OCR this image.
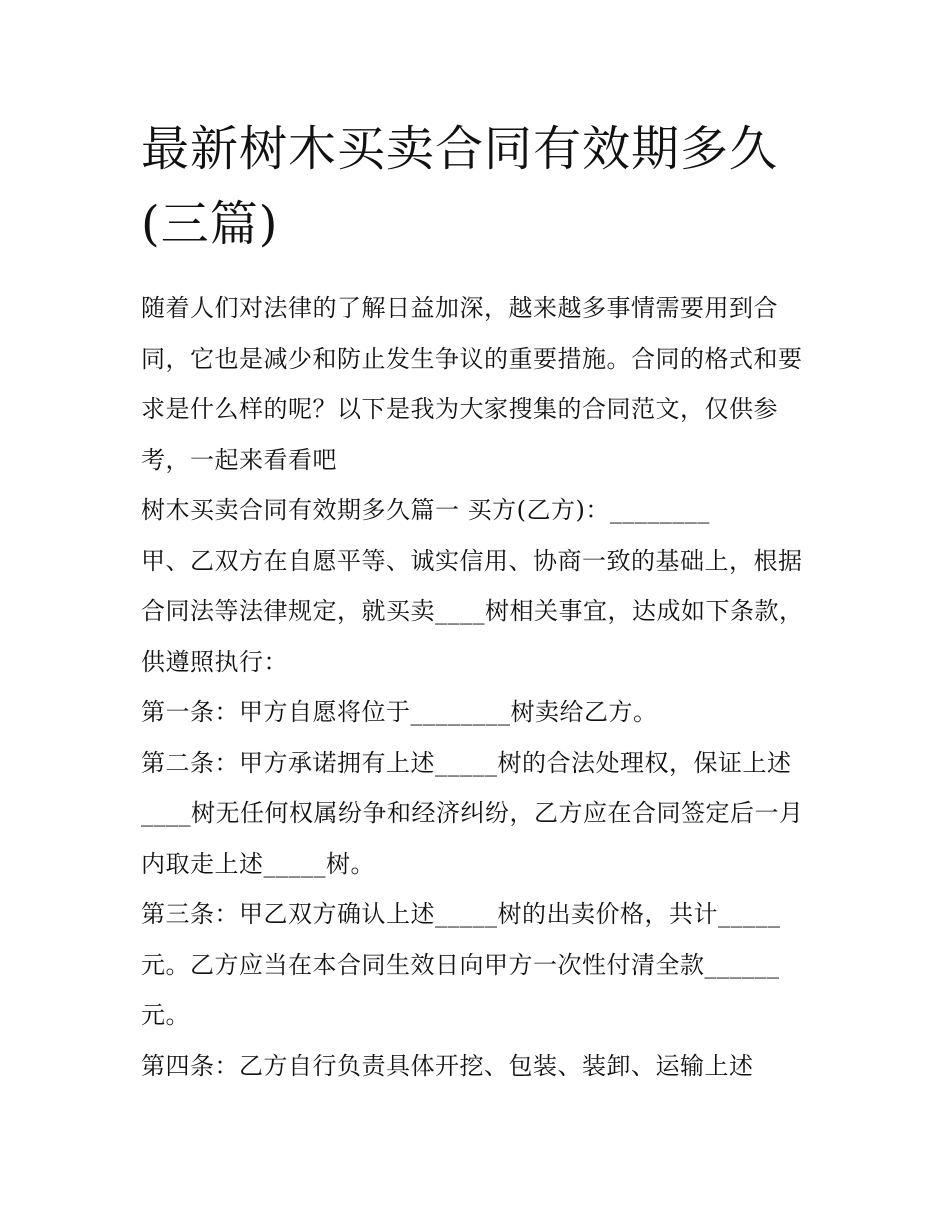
最新树木买卖合同有效期多久
(三篇)

随着人们对法律的了解日益加深，越来越多事情需要用到合同，它也是减少和防止发生争议的重要措施。合同的格式和要求是什么样的呢？以下是我为大家搜集的合同范文，仅供参考，一起来看看吧

树木买卖合同有效期多久篇一 买方(乙方)：________

甲、乙双方在自愿平等、诚实信用、协商一致的基础上，根据合同法等法律规定，就买卖____树相关事宜，达成如下条款，供遵照执行：

第一条：甲方自愿将位于________树卖给乙方。

第二条：甲方承诺拥有上述_____树的合法处理权，保证上述____树无任何权属纷争和经济纠纷，乙方应在合同签定后一月内取走上述_____树。

第三条：甲乙双方确认上述_____树的出卖价格，共计_____元。乙方应当在本合同生效日向甲方一次性付清全款______元。

第四条：乙方自行负责具体开挖、包装、装卸、运输上述
